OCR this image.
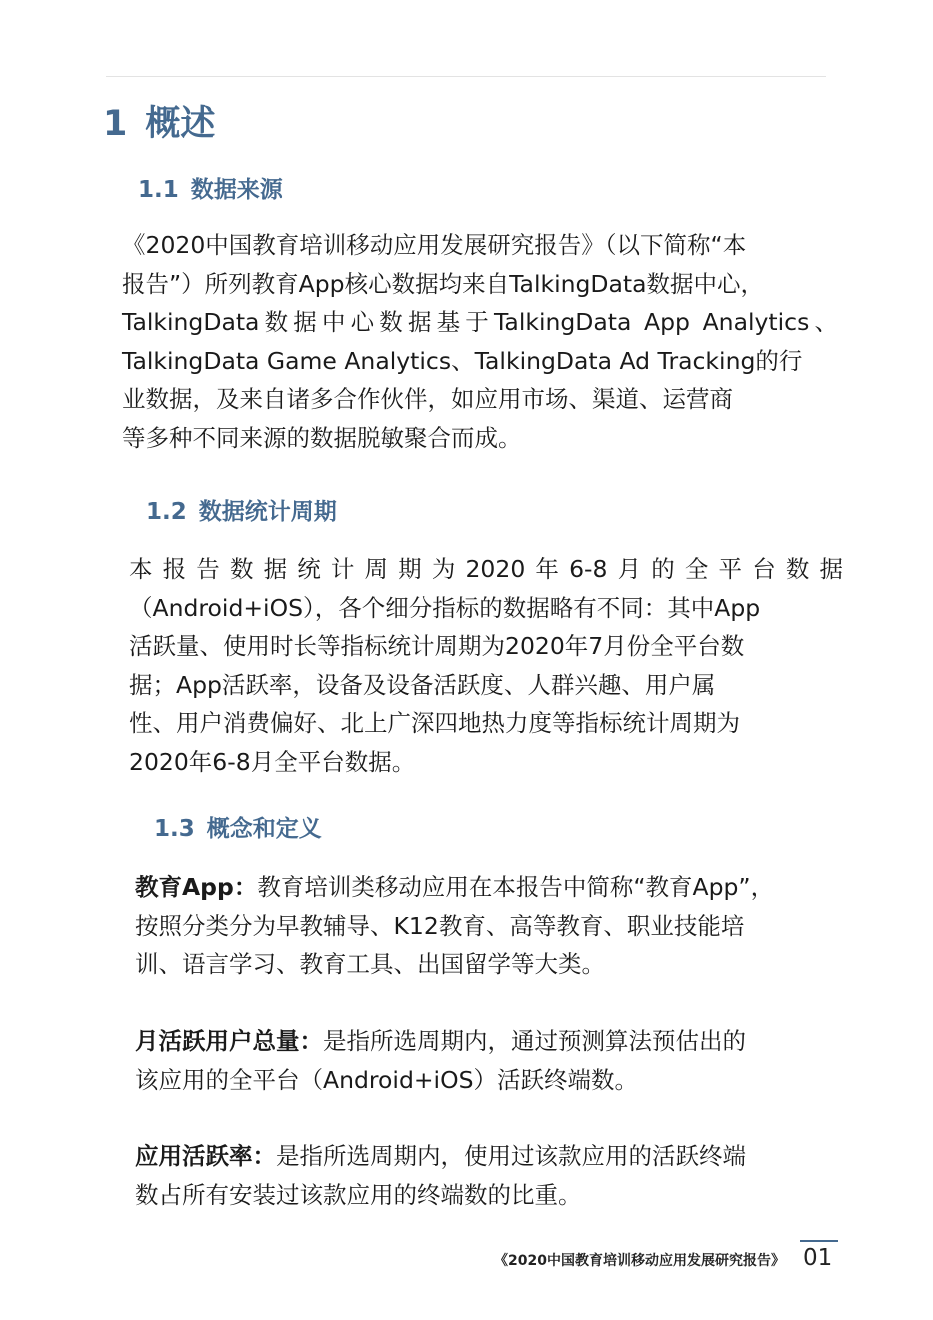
1 概述
1.1 数据来源
《2020中国教育培训移动应用发展研究报告》（以下简称“本
报告”）所列教育App核心数据均来自TalkingData数据中心，
TalkingData数据中心数据基于TalkingData App Analytics、
TalkingData Game Analytics、TalkingData Ad Tracking的行
业数据，及来自诸多合作伙伴，如应用市场、渠道、运营商
等多种不同来源的数据脱敏聚合而成。
1.2 数据统计周期
本报告数据统计周期为2020年6-8月的全平台数据
（Android+iOS），各个细分指标的数据略有不同：其中App
活跃量、使用时长等指标统计周期为2020年7月份全平台数
据；App活跃率，设备及设备活跃度、人群兴趣、用户属
性、用户消费偏好、北上广深四地热力度等指标统计周期为
2020年6-8月全平台数据。
1.3 概念和定义
教育App：教育培训类移动应用在本报告中简称“教育App”，
按照分类分为早教辅导、K12教育、高等教育、职业技能培
训、语言学习、教育工具、出国留学等大类。
月活跃用户总量：是指所选周期内，通过预测算法预估出的
该应用的全平台（Android+iOS）活跃终端数。
应用活跃率：是指所选周期内，使用过该款应用的活跃终端
数占所有安装过该款应用的终端数的比重。
《2020中国教育培训移动应用发展研究报告》 01
